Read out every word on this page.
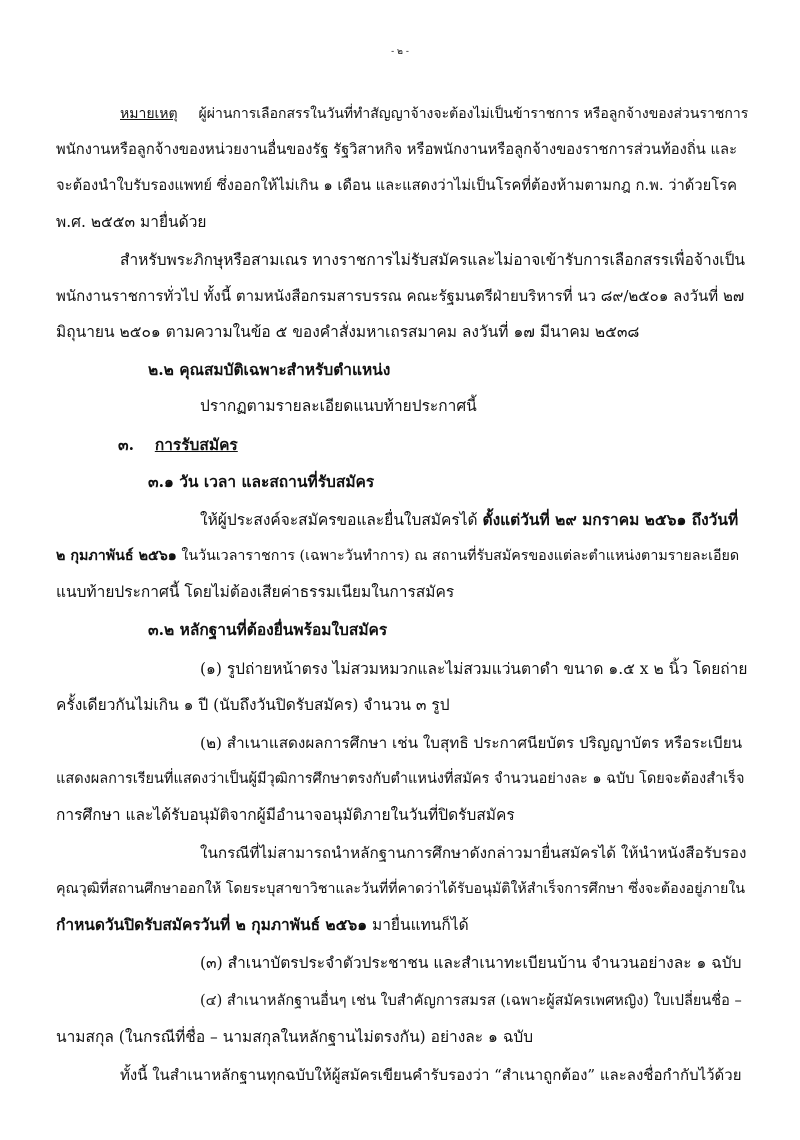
- ๒ -
หมายเหตุ ผู้ผ่านการเลือกสรรในวันที่ทำสัญญาจ้างจะต้องไม่เป็นข้าราชการ หรือลูกจ้างของส่วนราชการ
พนักงานหรือลูกจ้างของหน่วยงานอื่นของรัฐ รัฐวิสาหกิจ หรือพนักงานหรือลูกจ้างของราชการส่วนท้องถิ่น และ
จะต้องนำใบรับรองแพทย์ ซึ่งออกให้ไม่เกิน ๑ เดือน และแสดงว่าไม่เป็นโรคที่ต้องห้ามตามกฎ ก.พ. ว่าด้วยโรค
พ.ศ. ๒๕๕๓ มายื่นด้วย
สำหรับพระภิกษุหรือสามเณร ทางราชการไม่รับสมัครและไม่อาจเข้ารับการเลือกสรรเพื่อจ้างเป็น
พนักงานราชการทั่วไป ทั้งนี้ ตามหนังสือกรมสารบรรณ คณะรัฐมนตรีฝ่ายบริหารที่ นว ๘๙/๒๕๐๑ ลงวันที่ ๒๗
มิถุนายน ๒๕๐๑ ตามความในข้อ ๕ ของคำสั่งมหาเถรสมาคม ลงวันที่ ๑๗ มีนาคม ๒๕๓๘
๒.๒ คุณสมบัติเฉพาะสำหรับตำแหน่ง
ปรากฏตามรายละเอียดแนบท้ายประกาศนี้
๓. การรับสมัคร
๓.๑ วัน เวลา และสถานที่รับสมัคร
ให้ผู้ประสงค์จะสมัครขอและยื่นใบสมัครได้ ตั้งแต่วันที่ ๒๙ มกราคม ๒๕๖๑ ถึงวันที่
๒ กุมภาพันธ์ ๒๕๖๑ ในวันเวลาราชการ (เฉพาะวันทำการ) ณ สถานที่รับสมัครของแต่ละตำแหน่งตามรายละเอียด
แนบท้ายประกาศนี้ โดยไม่ต้องเสียค่าธรรมเนียมในการสมัคร
๓.๒ หลักฐานที่ต้องยื่นพร้อมใบสมัคร
(๑) รูปถ่ายหน้าตรง ไม่สวมหมวกและไม่สวมแว่นตาดำ ขนาด ๑.๕ x ๒ นิ้ว โดยถ่าย
ครั้งเดียวกันไม่เกิน ๑ ปี (นับถึงวันปิดรับสมัคร) จำนวน ๓ รูป
(๒) สำเนาแสดงผลการศึกษา เช่น ใบสุทธิ ประกาศนียบัตร ปริญญาบัตร หรือระเบียน
แสดงผลการเรียนที่แสดงว่าเป็นผู้มีวุฒิการศึกษาตรงกับตำแหน่งที่สมัคร จำนวนอย่างละ ๑ ฉบับ โดยจะต้องสำเร็จ
การศึกษา และได้รับอนุมัติจากผู้มีอำนาจอนุมัติภายในวันที่ปิดรับสมัคร
ในกรณีที่ไม่สามารถนำหลักฐานการศึกษาดังกล่าวมายื่นสมัครได้ ให้นำหนังสือรับรอง
คุณวุฒิที่สถานศึกษาออกให้ โดยระบุสาขาวิชาและวันที่ที่คาดว่าได้รับอนุมัติให้สำเร็จการศึกษา ซึ่งจะต้องอยู่ภายใน
กำหนดวันปิดรับสมัครวันที่ ๒ กุมภาพันธ์ ๒๕๖๑ มายื่นแทนก็ได้
(๓) สำเนาบัตรประจำตัวประชาชน และสำเนาทะเบียนบ้าน จำนวนอย่างละ ๑ ฉบับ
(๔) สำเนาหลักฐานอื่นๆ เช่น ใบสำคัญการสมรส (เฉพาะผู้สมัครเพศหญิง) ใบเปลี่ยนชื่อ –
นามสกุล (ในกรณีที่ชื่อ – นามสกุลในหลักฐานไม่ตรงกัน) อย่างละ ๑ ฉบับ
ทั้งนี้ ในสำเนาหลักฐานทุกฉบับให้ผู้สมัครเขียนคำรับรองว่า “สำเนาถูกต้อง” และลงชื่อกำกับไว้ด้วย
